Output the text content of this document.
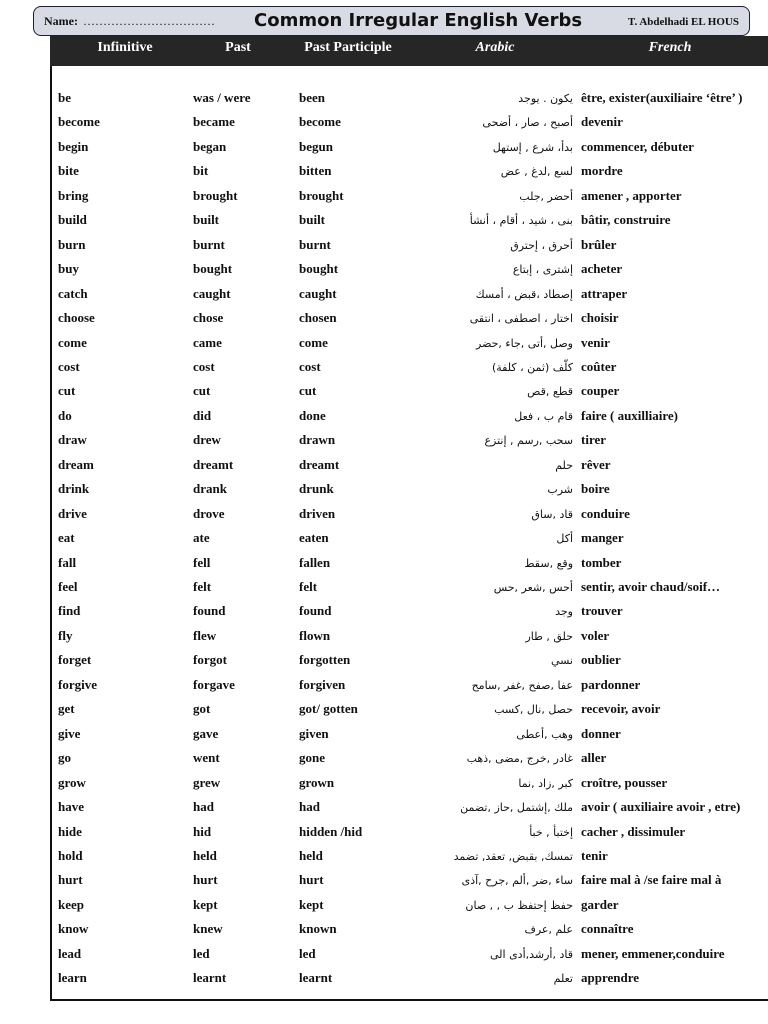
Name: …………………………… Common Irregular English Verbs	T. Abdelhadi EL HOUS
Infinitive	Past	Past Participle	Arabic	French
be	was / were	been	يكون . يوجد être, exister(auxiliaire ‘être’ )
become	became	become	أصبح ، صار ، أضحى devenir
begin	began	begun	بدأ، شرع , إستهل commencer, débuter
bite	bit	bitten	لسع ,لدغ , عض mordre
bring	brought	brought	أحضر ,جلب amener , apporter
build	built	built	بنى ، شيد ، أقام ، أنشأ bâtir, construire
burn	burnt	burnt	أحرق ، إحترق brûler
buy	bought	bought	إشترى ، إبتاع acheter
catch	caught	caught	إصطاد ،قبض ، أمسك attraper
choose	chose	chosen	اختار ، اصطفى ، انتقى choisir
come	came	come	وصل ,أتى ,جاء ,حضر venir
cost	cost	cost	كلّف (ثمن ، كلفة) coûter
cut	cut	cut	قطع ,قص couper
do	did	done	قام ب ، فعل faire ( auxilliaire)
draw	drew	drawn	سحب ,رسم , إنتزع tirer
dream	dreamt	dreamt	حلم rêver
drink	drank	drunk	شرب boire
drive	drove	driven	قاد ,ساق conduire
eat	ate	eaten	أكل manger
fall	fell	fallen	وقع ,سقط tomber
feel	felt	felt	أحس ,شعر ,حس sentir, avoir chaud/soif…
find	found	found	وجد trouver
fly	flew	flown	حلق , طار voler
forget	forgot	forgotten	نسي oublier
forgive	forgave	forgiven	عفا ,صفح ,غفر ,سامح pardonner
get	got	got/ gotten	حصل ,نال ,كسب recevoir, avoir
give	gave	given	وهب ,أعطى donner
go	went	gone	غادر ,خرج ,مضى ,ذهب aller
grow	grew	grown	كبر ,زاد ,نما croître, pousser
have	had	had	ملك ,إشتمل ,حاز ,تضمن avoir ( auxiliaire avoir , etre)
hide	hid	hidden /hid	إختبأ , خبأ cacher , dissimuler
hold	held	held	تمسك, بقبض, تعقد, تضمد tenir
hurt	hurt	hurt	ساء ,ضر ,ألم ,جرح ,آذى faire mal à /se faire mal à
keep	kept	kept	حفظ إحتفظ ب , , صان garder
know	knew	known	علم ,عرف connaître
lead	led	led	قاد ,أرشد,أدى الى mener, emmener,conduire
learn	learnt	learnt	تعلم apprendre
